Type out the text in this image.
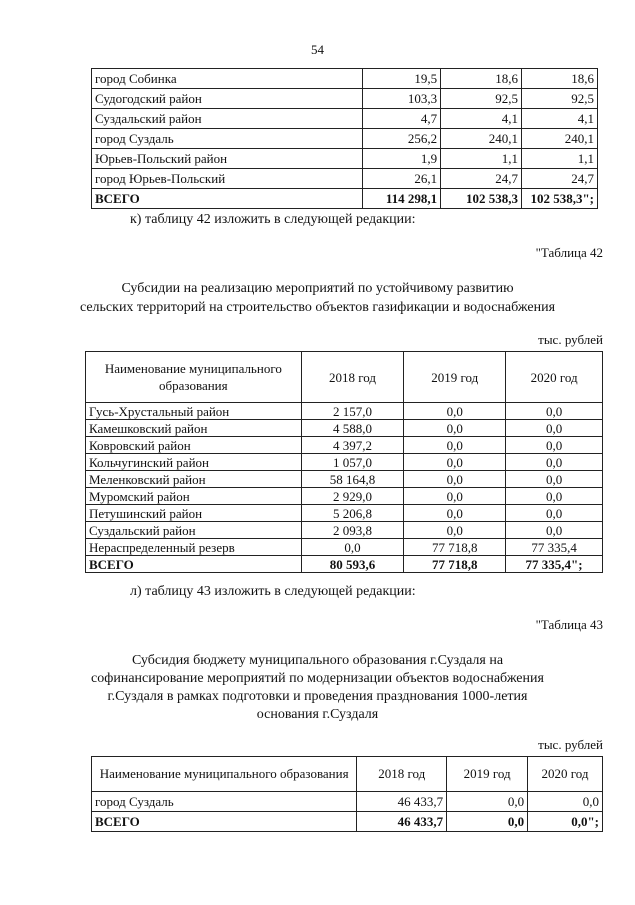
54
город Собинка	19,5	18,6	18,6
Судогодский район	103,3	92,5	92,5
Суздальский район	4,7	4,1	4,1
город Суздаль	256,2	240,1	240,1
Юрьев-Польский район	1,9	1,1	1,1
город Юрьев-Польский	26,1	24,7	24,7
ВСЕГО	114 298,1	102 538,3	102 538,3";
к) таблицу 42 изложить в следующей редакции:
"Таблица 42
Субсидии на реализацию мероприятий по устойчивому развитию
сельских территорий на строительство объектов газификации и водоснабжения
тыс. рублей
Наименование муниципального образования	2018 год	2019 год	2020 год
Гусь-Хрустальный район	2 157,0	0,0	0,0
Камешковский район	4 588,0	0,0	0,0
Ковровский район	4 397,2	0,0	0,0
Кольчугинский район	1 057,0	0,0	0,0
Меленковский район	58 164,8	0,0	0,0
Муромский район	2 929,0	0,0	0,0
Петушинский район	5 206,8	0,0	0,0
Суздальский район	2 093,8	0,0	0,0
Нераспределенный резерв	0,0	77 718,8	77 335,4
ВСЕГО	80 593,6	77 718,8	77 335,4";
л) таблицу 43 изложить в следующей редакции:
"Таблица 43
Субсидия бюджету муниципального образования г.Суздаля на
софинансирование мероприятий по модернизации объектов водоснабжения
г.Суздаля в рамках подготовки и проведения празднования 1000-летия
основания г.Суздаля
тыс. рублей
Наименование муниципального образования	2018 год	2019 год	2020 год
город Суздаль	46 433,7	0,0	0,0
ВСЕГО	46 433,7	0,0	0,0";
